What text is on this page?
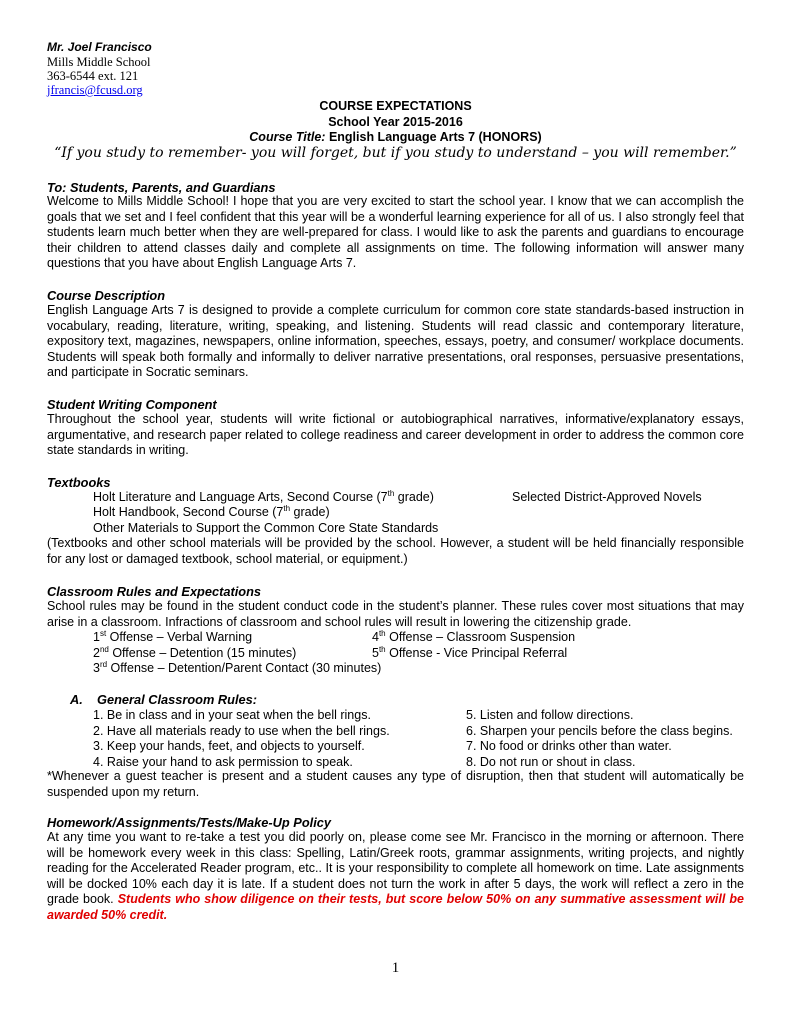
Mr. Joel Francisco
Mills Middle School
363-6544 ext. 121
jfrancis@fcusd.org
COURSE EXPECTATIONS
School Year 2015-2016
Course Title: English Language Arts 7 (HONORS)
“If you study to remember- you will forget, but if you study to understand – you will remember.”
To: Students, Parents, and Guardians

Welcome to Mills Middle School! I hope that you are very excited to start the school year. I know that we can accomplish the goals that we set and I feel confident that this year will be a wonderful learning experience for all of us. I also strongly feel that students learn much better when they are well-prepared for class. I would like to ask the parents and guardians to encourage their children to attend classes daily and complete all assignments on time. The following information will answer many questions that you have about English Language Arts 7.

Course Description

English Language Arts 7 is designed to provide a complete curriculum for common core state standards-based instruction in vocabulary, reading, literature, writing, speaking, and listening. Students will read classic and contemporary literature, expository text, magazines, newspapers, online information, speeches, essays, poetry, and consumer/ workplace documents. Students will speak both formally and informally to deliver narrative presentations, oral responses, persuasive presentations, and participate in Socratic seminars.

Student Writing Component

Throughout the school year, students will write fictional or autobiographical narratives, informative/explanatory essays, argumentative, and research paper related to college readiness and career development in order to address the common core state standards in writing.

Textbooks
Holt Literature and Language Arts, Second Course (7th grade)	Selected District-Approved Novels
Holt Handbook, Second Course (7th grade)
Other Materials to Support the Common Core State Standards

(Textbooks and other school materials will be provided by the school. However, a student will be held financially responsible for any lost or damaged textbook, school material, or equipment.)

Classroom Rules and Expectations

School rules may be found in the student conduct code in the student’s planner. These rules cover most situations that may arise in a classroom. Infractions of classroom and school rules will result in lowering the citizenship grade.

1st Offense – Verbal Warning
2nd Offense – Detention (15 minutes)
3rd Offense – Detention/Parent Contact (30 minutes)
4th Offense – Classroom Suspension
5th Offense - Vice Principal Referral
A. General Classroom Rules:
1. Be in class and in your seat when the bell rings.
2. Have all materials ready to use when the bell rings.
3. Keep your hands, feet, and objects to yourself.
4. Raise your hand to ask permission to speak.
5. Listen and follow directions.
6. Sharpen your pencils before the class begins.
7. No food or drinks other than water.
8. Do not run or shout in class.

*Whenever a guest teacher is present and a student causes any type of disruption, then that student will automatically be suspended upon my return.

Homework/Assignments/Tests/Make-Up Policy

At any time you want to re-take a test you did poorly on, please come see Mr. Francisco in the morning or afternoon. There will be homework every week in this class: Spelling, Latin/Greek roots, grammar assignments, writing projects, and nightly reading for the Accelerated Reader program, etc.. It is your responsibility to complete all homework on time. Late assignments will be docked 10% each day it is late. If a student does not turn the work in after 5 days, the work will reflect a zero in the grade book. Students who show diligence on their tests, but score below 50% on any summative assessment will be awarded 50% credit.

1
